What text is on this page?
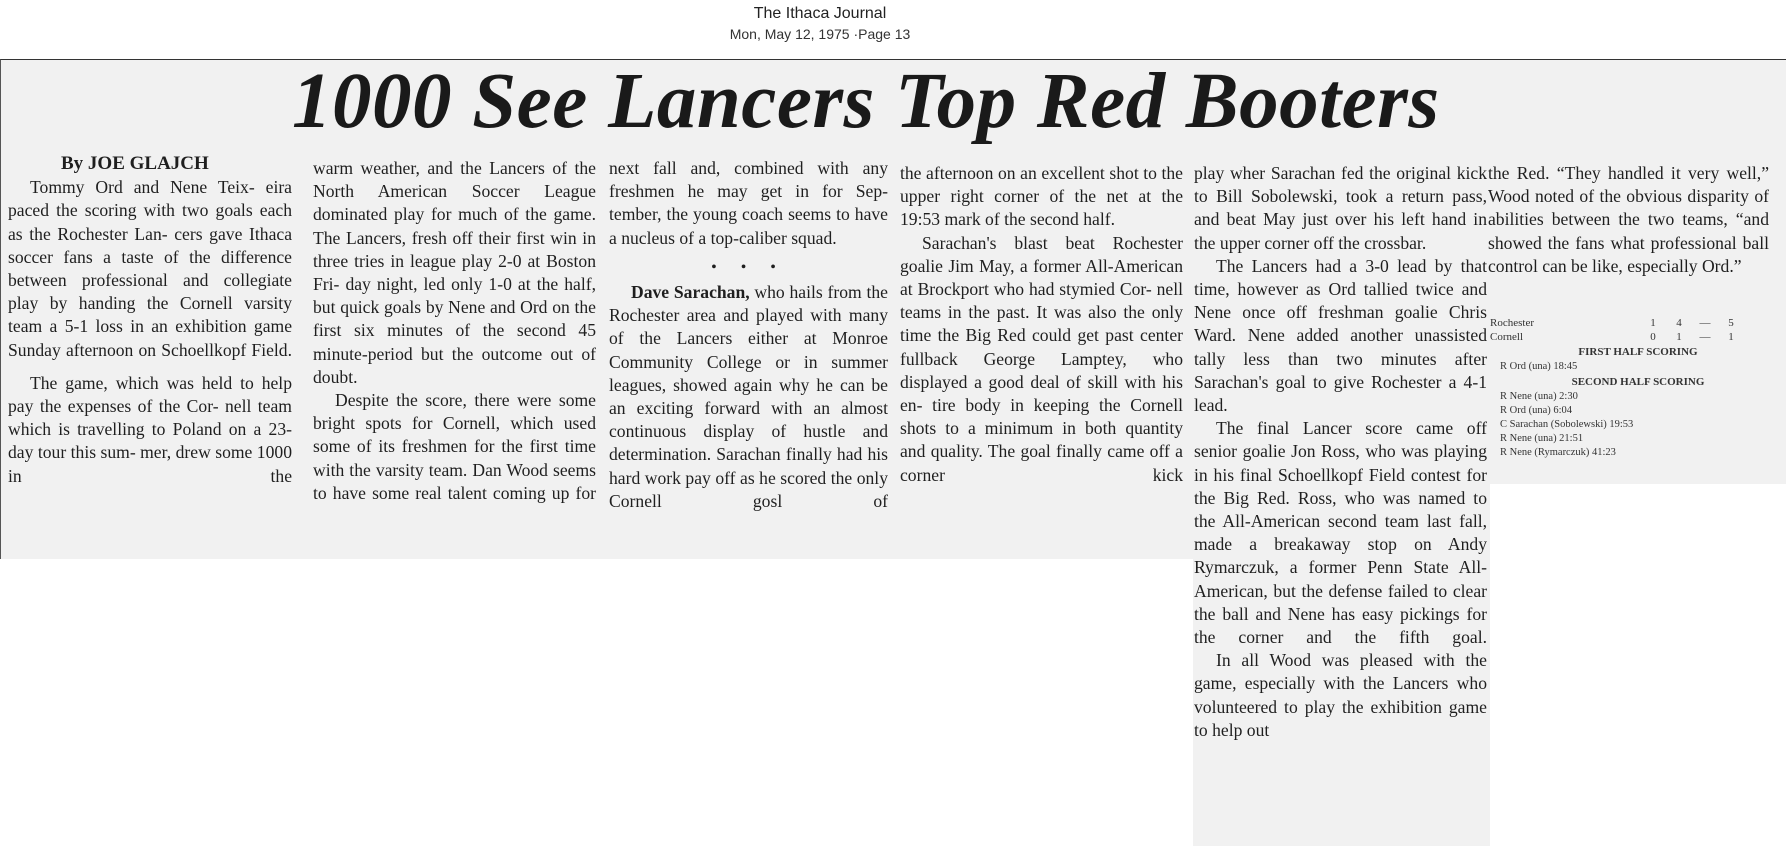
The Ithaca Journal
Mon, May 12, 1975 ·Page 13
1000 See Lancers Top Red Booters

By JOE GLAJCH

Tommy Ord and Nene Teix- eira paced the scoring with two goals each as the Rochester Lan- cers gave Ithaca soccer fans a taste of the difference between professional and collegiate play by handing the Cornell varsity team a 5-1 loss in an exhibition game Sunday afternoon on Schoellkopf Field.

The game, which was held to help pay the expenses of the Cor- nell team which is travelling to Poland on a 23-day tour this sum- mer, drew some 1000 in the

warm weather, and the Lancers of the North American Soccer League dominated play for much of the game. The Lancers, fresh off their first win in three tries in league play 2-0 at Boston Fri- day night, led only 1-0 at the half, but quick goals by Nene and Ord on the first six minutes of the second 45 minute-period but the outcome out of doubt.

Despite the score, there were some bright spots for Cornell, which used some of its freshmen for the first time with the varsity team. Dan Wood seems to have some real talent coming up for

next fall and, combined with any freshmen he may get in for Sep- tember, the young coach seems to have a nucleus of a top-caliber squad.

• • •

Dave Sarachan, who hails from the Rochester area and played with many of the Lancers either at Monroe Community College or in summer leagues, showed again why he can be an exciting forward with an almost continuous display of hustle and determination. Sarachan finally had his hard work pay off as he scored the only Cornell gosl of

the afternoon on an excellent shot to the upper right corner of the net at the 19:53 mark of the second half.

Sarachan's blast beat Rochester goalie Jim May, a former All-American at Brockport who had stymied Cor- nell teams in the past. It was also the only time the Big Red could get past center fullback George Lamptey, who displayed a good deal of skill with his en- tire body in keeping the Cornell shots to a minimum in both quantity and quality. The goal finally came off a corner kick

play wher Sarachan fed the original kick to Bill Sobolewski, took a return pass, and beat May just over his left hand in the upper corner off the crossbar.

The Lancers had a 3-0 lead by that time, however as Ord tallied twice and Nene once off freshman goalie Chris Ward. Nene added another unassisted tally less than two minutes after Sarachan's goal to give Rochester a 4-1 lead.

The final Lancer score came off senior goalie Jon Ross, who was playing in his final Schoellkopf Field contest for the Big Red. Ross, who was named to the All-American second team last fall, made a breakaway stop on Andy Rymarczuk, a former Penn State All-American, but the defense failed to clear the ball and Nene has easy pickings for the corner and the fifth goal.

In all Wood was pleased with the game, especially with the Lancers who volunteered to play the exhibition game to help out

the Red. “They handled it very well,” Wood noted of the obvious disparity of abilities between the two teams, “and showed the fans what professional ball control can be like, especially Ord.”

Rochester	1	4	—	5
Cornell	0	1	—	1
FIRST HALF SCORING
R Ord (una) 18:45
SECOND HALF SCORING
R Nene (una) 2:30
R Ord (una) 6:04
C Sarachan (Sobolewski) 19:53
R Nene (una) 21:51
R Nene (Rymarczuk) 41:23
